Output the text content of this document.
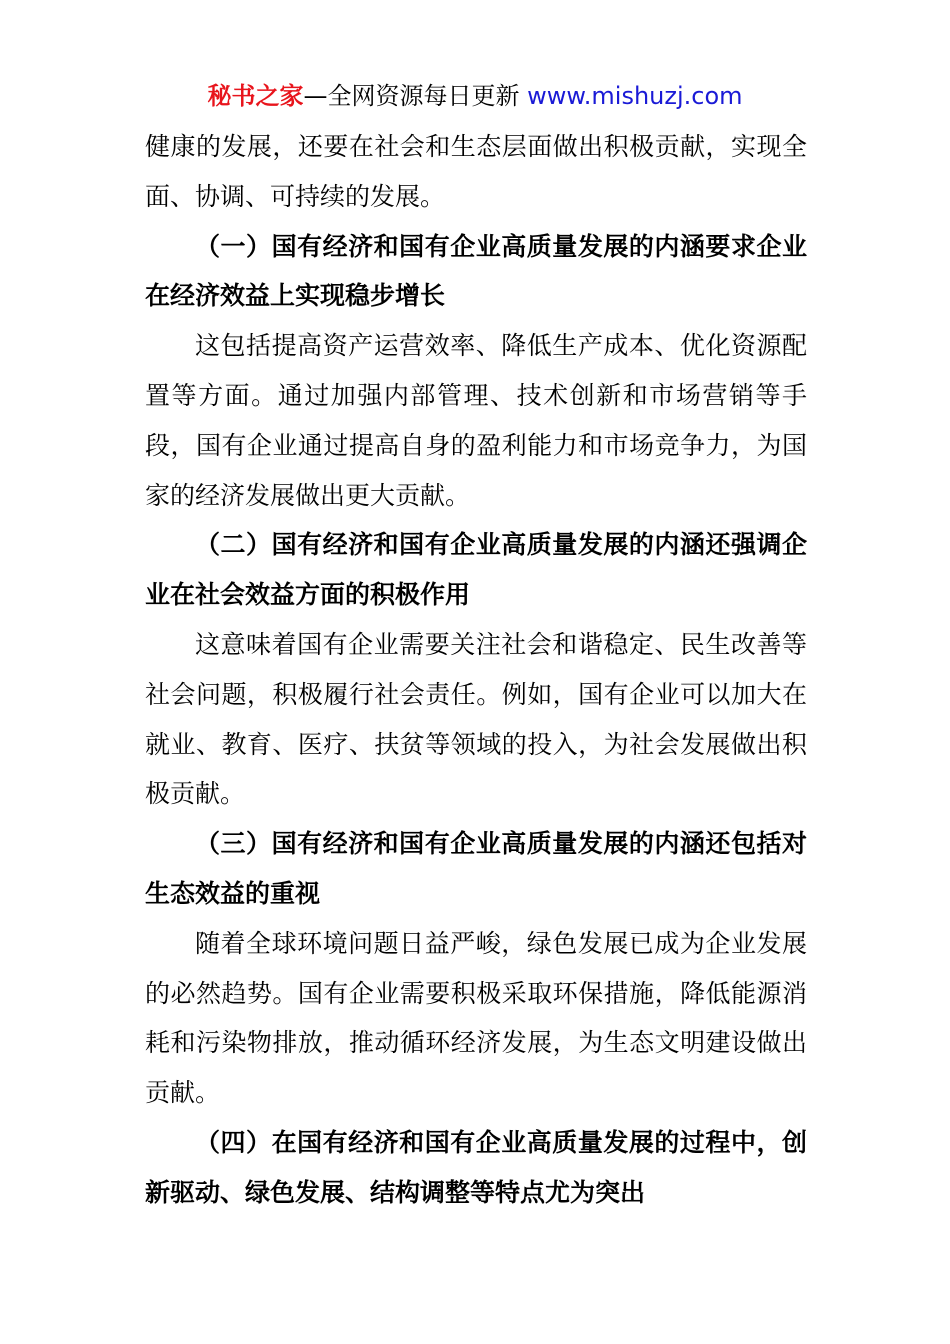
秘书之家—全网资源每日更新 www.mishuzj.com

健康的发展，还要在社会和生态层面做出积极贡献，实现全面、协调、可持续的发展。

（一）国有经济和国有企业高质量发展的内涵要求企业在经济效益上实现稳步增长

这包括提高资产运营效率、降低生产成本、优化资源配置等方面。通过加强内部管理、技术创新和市场营销等手段，国有企业通过提高自身的盈利能力和市场竞争力，为国家的经济发展做出更大贡献。

（二）国有经济和国有企业高质量发展的内涵还强调企业在社会效益方面的积极作用

这意味着国有企业需要关注社会和谐稳定、民生改善等社会问题，积极履行社会责任。例如，国有企业可以加大在就业、教育、医疗、扶贫等领域的投入，为社会发展做出积极贡献。

（三）国有经济和国有企业高质量发展的内涵还包括对生态效益的重视

随着全球环境问题日益严峻，绿色发展已成为企业发展的必然趋势。国有企业需要积极采取环保措施，降低能源消耗和污染物排放，推动循环经济发展，为生态文明建设做出贡献。

（四）在国有经济和国有企业高质量发展的过程中，创新驱动、绿色发展、结构调整等特点尤为突出
